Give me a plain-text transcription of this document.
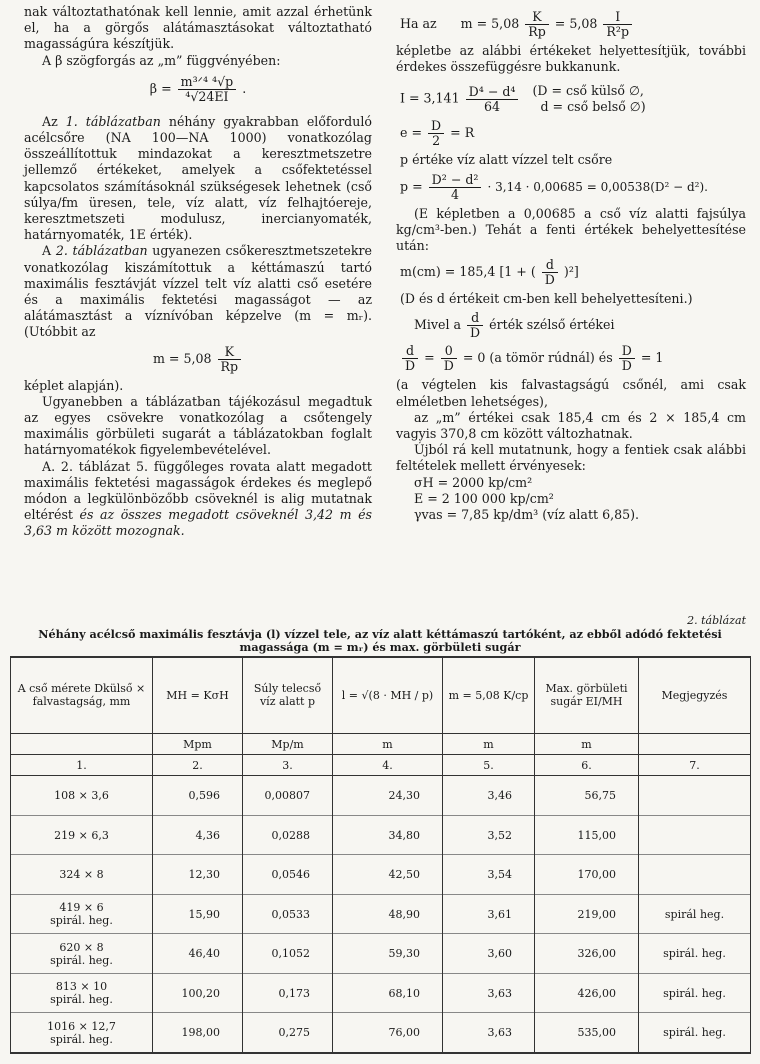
nak változtathatónak kell lennie, amit azzal érhetünk el, ha a görgős alátámasztásokat változtatható magasságúra készítjük.

A β szögforgás az „m” függvényében:

$\beta = \frac{\text{m³ᐟ⁴ ⁴√p}}{\text{⁴√24EI}}$ .

Az 1. táblázatban néhány gyakrabban előforduló acélcsőre (NA 100—NA 1000) vonatkozólag összeállítottuk mindazokat a keresztmetszetre jellemző értékeket, amelyek a csőfektetéssel kapcsolatos számításoknál szükségesek lehetnek (cső súlya/fm üresen, tele, víz alatt, víz felhajtóereje, keresztmetszeti modulusz, inercianyomaték, határnyomaték, 1E érték).

A 2. táblázatban ugyanezen csőkeresztmetszetekre vonatkozólag kiszámítottuk a kéttámaszú tartó maximális fesztávját vízzel telt víz alatti cső esetére és a maximális fektetési magasságot — az alátámasztást a víznívóban képzelve (m = mᵣ). (Utóbbit az

$m = 5,08 \frac{K}{Rp}$

képlet alapján).

Ugyanebben a táblázatban tájékozásul megadtuk az egyes csövekre vonatkozólag a csőtengely maximális görbületi sugarát a táblázatokban foglalt határnyomatékok figyelembevételével.

A. 2. táblázat 5. függőleges rovata alatt megadott maximális fektetési magasságok érdekes és meglepő módon a legkülönbözőbb csöveknél is alig mutatnak eltérést és az összes megadott csöveknél 3,42 m és 3,63 m között mozognak.

Ha az $m = 5,08 \frac{K}{Rp} = 5,08 \frac{I}{\text{R²p}}$

képletbe az alábbi értékeket helyettesítjük, további érdekes összefüggésre bukkanunk.

$I = 3,141 \frac{\text{D⁴ − d⁴}}{64} (D$ = cső külső ∅,
d = cső belső ∅)
$e = \frac{D}{2} = R$

p értéke víz alatt vízzel telt csőre

$p = \frac{\text{D² − d²}}{4} \cdot 3,14 \cdot 0,00685 = 0,00538(D^2 - d^2)$.

(E képletben a 0,00685 a cső víz alatti fajsúlya kg/cm³-ben.) Tehát a fenti értékek behelyettesítése után:

m(cm) = 185,4 [1 + ( $\frac{d}{D} )^2$]

(D és d értékeit cm-ben kell behelyettesíteni.)

Mivel a $\frac{d}{D}$ érték szélső értékei
$\frac{d}{D} = \frac{0}{D} = 0$ (a tömör rúdnál) és $\frac{D}{D} = 1$

(a végtelen kis falvastagságú csőnél, ami csak elméletben lehetséges),

az „m” értékei csak 185,4 cm és 2 × 185,4 cm vagyis 370,8 cm között változhatnak.

Újból rá kell mutatnunk, hogy a fentiek csak alábbi feltételek mellett érvényesek:

σH = 2000 kp/cm²

E = 2 100 000 kp/cm²

γvas = 7,85 kp/dm³ (víz alatt 6,85).

2. táblázat
Néhány acélcső maximális fesztávja (l) vízzel tele, az víz alatt kéttámaszú tartóként, az ebből adódó fektetési magassága (m = mᵣ) és max. görbületi sugár
A cső mérete Dkülső × falvastagság, mm	MH = KσH	Súly telecső víz alatt p	l = √(8 · MH / p)	m = 5,08 K/cp	Max. görbületi sugár EI/MH	Megjegyzés
	Mpm	Mp/m	m	m	m	
1.	2.	3.	4.	5.	6.	7.
108 × 3,6	0,596	0,00807	24,30	3,46	56,75	
219 × 6,3	4,36	0,0288	34,80	3,52	115,00	
324 × 8	12,30	0,0546	42,50	3,54	170,00	
419 × 6
spirál. heg.	15,90	0,0533	48,90	3,61	219,00	spirál heg.
620 × 8
spirál. heg.	46,40	0,1052	59,30	3,60	326,00	spirál. heg.
813 × 10
spirál. heg.	100,20	0,173	68,10	3,63	426,00	spirál. heg.
1016 × 12,7
spirál. heg.	198,00	0,275	76,00	3,63	535,00	spirál. heg.
